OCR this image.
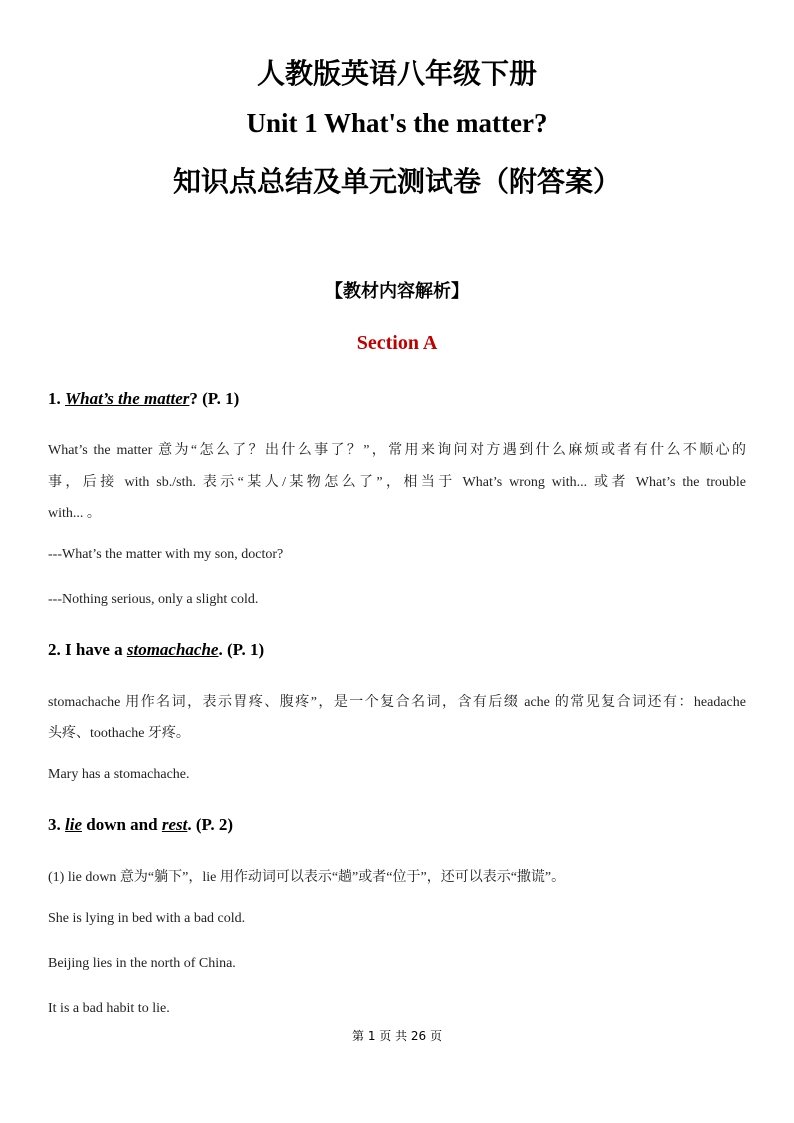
人教版英语八年级下册
Unit 1 What's the matter?
知识点总结及单元测试卷（附答案）
【教材内容解析】
Section A
1. What’s the matter? (P. 1)
What’s the matter 意为“怎么了？出什么事了？”，常用来询问对方遇到什么麻烦或者有什么不顺心的
事，后接 with sb./sth. 表示“某人/某物怎么了”，相当于 What’s wrong with... 或者 What’s the trouble
with... 。
---What’s the matter with my son, doctor?
---Nothing serious, only a slight cold.
2. I have a stomachache. (P. 1)
stomachache 用作名词，表示胃疼、腹疼”，是一个复合名词，含有后缀 ache 的常见复合词还有：headache
头疼、toothache 牙疼。
Mary has a stomachache.
3. lie down and rest. (P. 2)
(1) lie down 意为“躺下”，lie 用作动词可以表示“趟”或者“位于”，还可以表示“撒谎”。
She is lying in bed with a bad cold.
Beijing lies in the north of China.
It is a bad habit to lie.
第 1 页 共 26 页
